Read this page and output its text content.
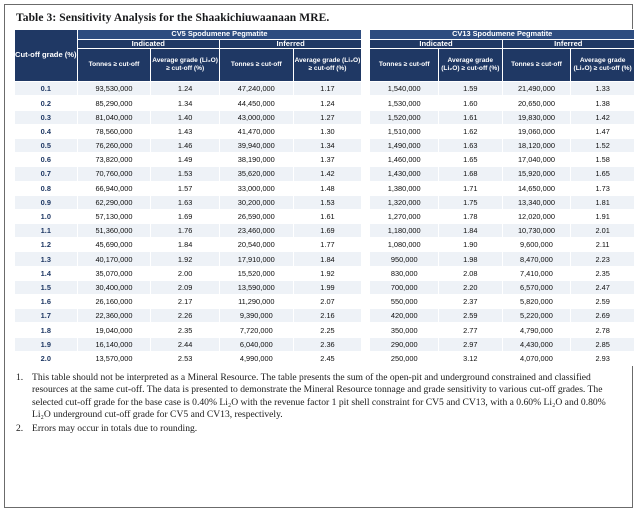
Table 3: Sensitivity Analysis for the Shaakichiuwaanaan MRE.
Cut-off grade (%)	CV5 Spodumene Pegmatite					CV13 Spodumene Pegmatite			
	Indicated		Inferred			Indicated		Inferred	
	Tonnes ≥ cut-off	Average grade (Li₂O) ≥ cut-off (%)	Tonnes ≥ cut-off	Average grade (Li₂O) ≥ cut-off (%)		Tonnes ≥ cut-off	Average grade (Li₂O) ≥ cut-off (%)	Tonnes ≥ cut-off	Average grade (Li₂O) ≥ cut-off (%)
0.1	93,530,000	1.24	47,240,000	1.17		1,540,000	1.59	21,490,000	1.33
0.2	85,290,000	1.34	44,450,000	1.24		1,530,000	1.60	20,650,000	1.38
0.3	81,040,000	1.40	43,000,000	1.27		1,520,000	1.61	19,830,000	1.42
0.4	78,560,000	1.43	41,470,000	1.30		1,510,000	1.62	19,060,000	1.47
0.5	76,260,000	1.46	39,940,000	1.34		1,490,000	1.63	18,120,000	1.52
0.6	73,820,000	1.49	38,190,000	1.37		1,460,000	1.65	17,040,000	1.58
0.7	70,760,000	1.53	35,620,000	1.42		1,430,000	1.68	15,920,000	1.65
0.8	66,940,000	1.57	33,000,000	1.48		1,380,000	1.71	14,650,000	1.73
0.9	62,290,000	1.63	30,200,000	1.53		1,320,000	1.75	13,340,000	1.81
1.0	57,130,000	1.69	26,590,000	1.61		1,270,000	1.78	12,020,000	1.91
1.1	51,360,000	1.76	23,460,000	1.69		1,180,000	1.84	10,730,000	2.01
1.2	45,690,000	1.84	20,540,000	1.77		1,080,000	1.90	9,600,000	2.11
1.3	40,170,000	1.92	17,910,000	1.84		950,000	1.98	8,470,000	2.23
1.4	35,070,000	2.00	15,520,000	1.92		830,000	2.08	7,410,000	2.35
1.5	30,400,000	2.09	13,590,000	1.99		700,000	2.20	6,570,000	2.47
1.6	26,160,000	2.17	11,290,000	2.07		550,000	2.37	5,820,000	2.59
1.7	22,360,000	2.26	9,390,000	2.16		420,000	2.59	5,220,000	2.69
1.8	19,040,000	2.35	7,720,000	2.25		350,000	2.77	4,790,000	2.78
1.9	16,140,000	2.44	6,040,000	2.36		290,000	2.97	4,430,000	2.85
2.0	13,570,000	2.53	4,990,000	2.45		250,000	3.12	4,070,000	2.93
1. This table should not be interpreted as a Mineral Resource. The table presents the sum of the open-pit and underground constrained and classified resources at the same cut-off. The data is presented to demonstrate the Mineral Resource tonnage and grade sensitivity to various cut-off grades. The selected cut-off grade for the base case is 0.40% Li₂O with the revenue factor 1 pit shell constraint for CV5 and CV13, with a 0.60% Li₂O and 0.80% Li₂O underground cut-off grade for CV5 and CV13, respectively.
2. Errors may occur in totals due to rounding.
